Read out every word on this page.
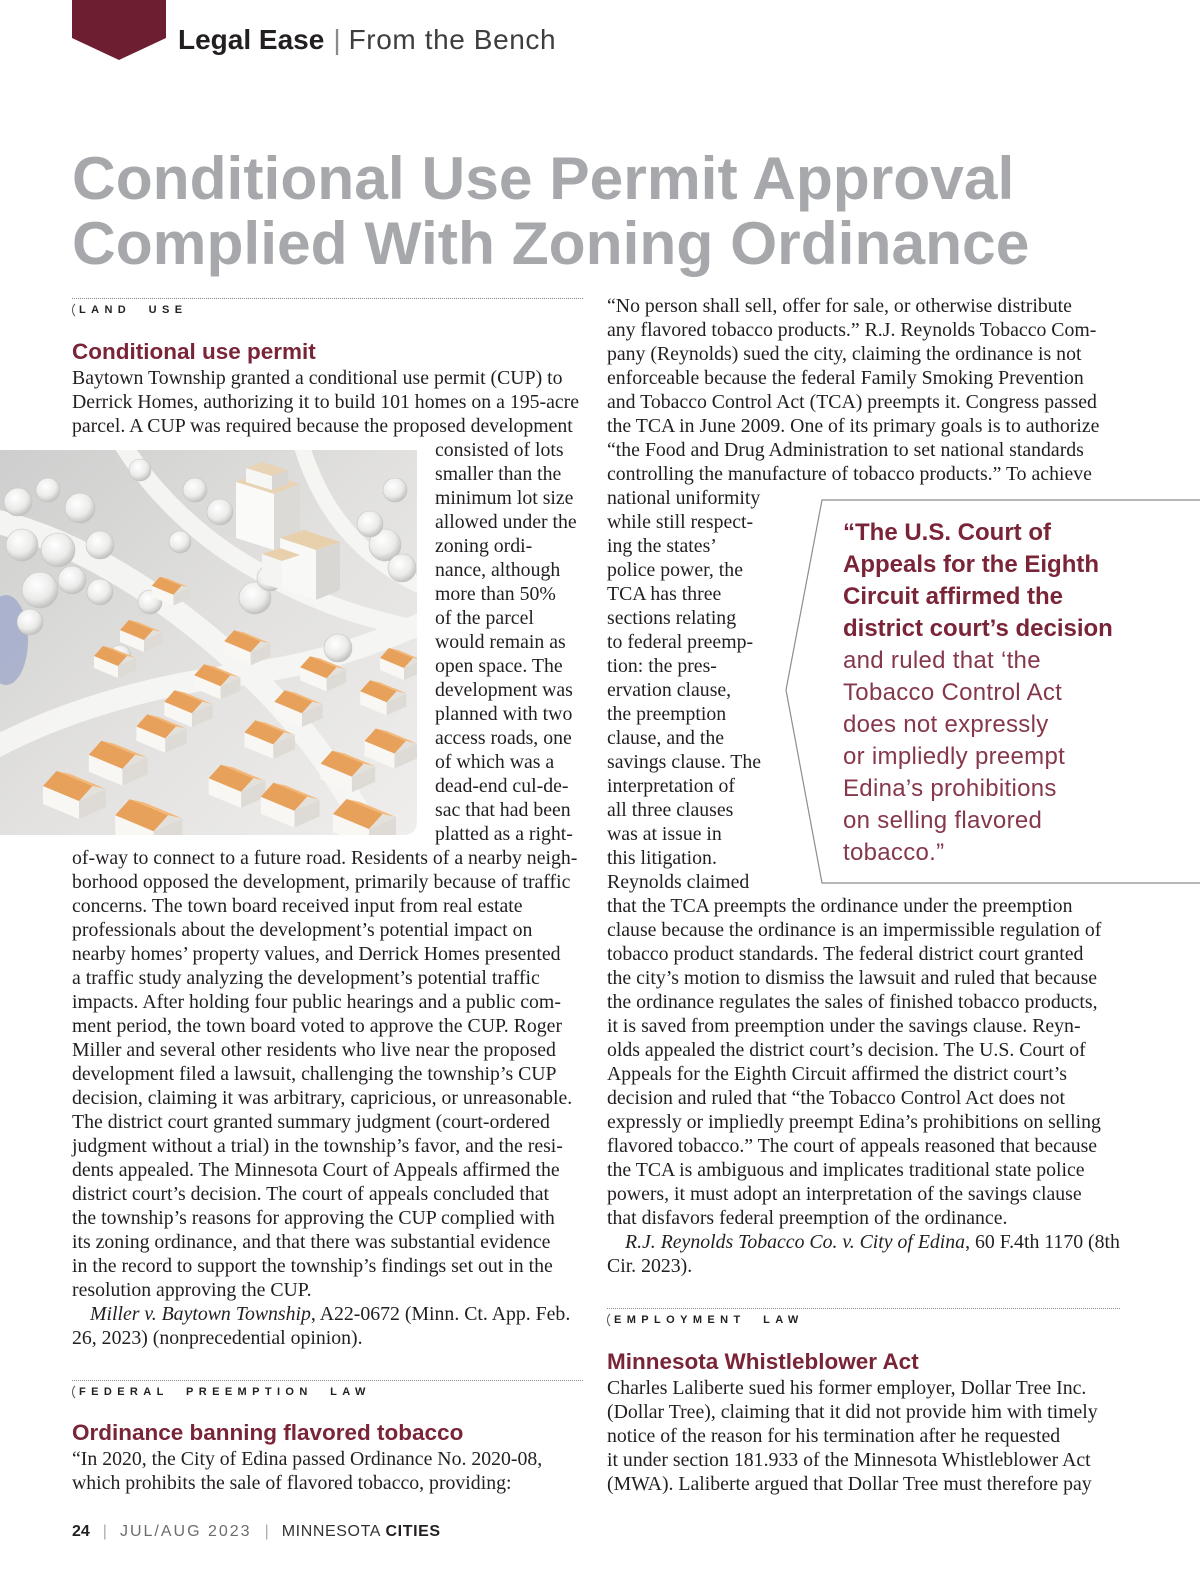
Legal Ease | From the Bench
Conditional Use Permit Approval
Complied With Zoning Ordinance
LAND USE
Conditional use permit
Baytown Township granted a conditional use permit (CUP) to
Derrick Homes, authorizing it to build 101 homes on a 195-acre
parcel. A CUP was required because the proposed development
consisted of lots
smaller than the
minimum lot size
allowed under the
zoning ordi-
nance, although
more than 50%
of the parcel
would remain as
open space. The
development was
planned with two
access roads, one
of which was a
dead-end cul-de-
sac that had been
platted as a right-
of-way to connect to a future road. Residents of a nearby neigh-
borhood opposed the development, primarily because of traffic
concerns. The town board received input from real estate
professionals about the development’s potential impact on
nearby homes’ property values, and Derrick Homes presented
a traffic study analyzing the development’s potential traffic
impacts. After holding four public hearings and a public com-
ment period, the town board voted to approve the CUP. Roger
Miller and several other residents who live near the proposed
development filed a lawsuit, challenging the township’s CUP
decision, claiming it was arbitrary, capricious, or unreasonable.
The district court granted summary judgment (court-ordered
judgment without a trial) in the township’s favor, and the resi-
dents appealed. The Minnesota Court of Appeals affirmed the
district court’s decision. The court of appeals concluded that
the township’s reasons for approving the CUP complied with
its zoning ordinance, and that there was substantial evidence
in the record to support the township’s findings set out in the
resolution approving the CUP.
Miller v. Baytown Township, A22-0672 (Minn. Ct. App. Feb.
26, 2023) (nonprecedential opinion).
FEDERAL PREEMPTION LAW
Ordinance banning flavored tobacco
“In 2020, the City of Edina passed Ordinance No. 2020-08,
which prohibits the sale of flavored tobacco, providing:
“No person shall sell, offer for sale, or otherwise distribute
any flavored tobacco products.” R.J. Reynolds Tobacco Com-
pany (Reynolds) sued the city, claiming the ordinance is not
enforceable because the federal Family Smoking Prevention
and Tobacco Control Act (TCA) preempts it. Congress passed
the TCA in June 2009. One of its primary goals is to authorize
“the Food and Drug Administration to set national standards
controlling the manufacture of tobacco products.” To achieve
national uniformity
while still respect-
ing the states’
police power, the
TCA has three
sections relating
to federal preemp-
tion: the pres-
ervation clause,
the preemption
clause, and the
savings clause. The
interpretation of
all three clauses
was at issue in
this litigation.
Reynolds claimed
that the TCA preempts the ordinance under the preemption
clause because the ordinance is an impermissible regulation of
tobacco product standards. The federal district court granted
the city’s motion to dismiss the lawsuit and ruled that because
the ordinance regulates the sales of finished tobacco products,
it is saved from preemption under the savings clause. Reyn-
olds appealed the district court’s decision. The U.S. Court of
Appeals for the Eighth Circuit affirmed the district court’s
decision and ruled that “the Tobacco Control Act does not
expressly or impliedly preempt Edina’s prohibitions on selling
flavored tobacco.” The court of appeals reasoned that because
the TCA is ambiguous and implicates traditional state police
powers, it must adopt an interpretation of the savings clause
that disfavors federal preemption of the ordinance.
R.J. Reynolds Tobacco Co. v. City of Edina, 60 F.4th 1170 (8th
Cir. 2023).
“The U.S. Court of
Appeals for the Eighth
Circuit affirmed the
district court’s decision
and ruled that ‘the
Tobacco Control Act
does not expressly
or impliedly preempt
Edina’s prohibitions
on selling flavored
tobacco.”
EMPLOYMENT LAW
Minnesota Whistleblower Act
Charles Laliberte sued his former employer, Dollar Tree Inc.
(Dollar Tree), claiming that it did not provide him with timely
notice of the reason for his termination after he requested
it under section 181.933 of the Minnesota Whistleblower Act
(MWA). Laliberte argued that Dollar Tree must therefore pay
24 | JUL/AUG 2023 | MINNESOTA CITIES
